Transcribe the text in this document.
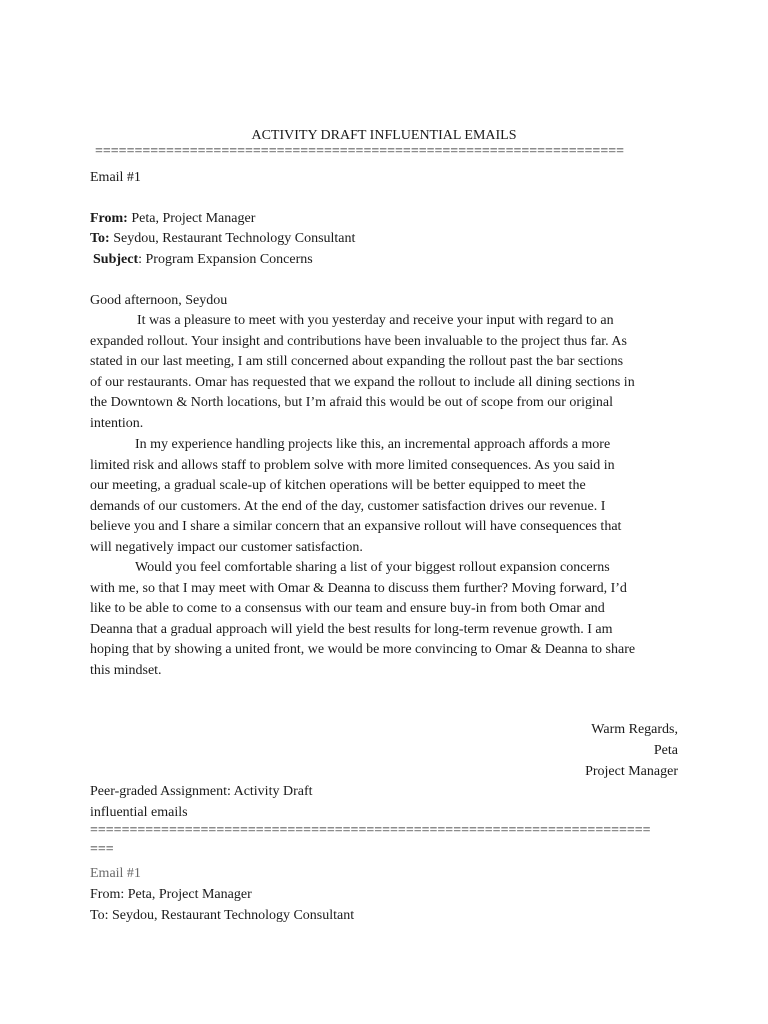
ACTIVITY DRAFT INFLUENTIAL EMAILS
===================================================================
Email #1
From: Peta, Project Manager
To: Seydou, Restaurant Technology Consultant
Subject: Program Expansion Concerns
Good afternoon, Seydou
It was a pleasure to meet with you yesterday and receive your input with regard to an
expanded rollout. Your insight and contributions have been invaluable to the project thus far. As
stated in our last meeting, I am still concerned about expanding the rollout past the bar sections
of our restaurants. Omar has requested that we expand the rollout to include all dining sections in
the Downtown & North locations, but I’m afraid this would be out of scope from our original
intention.
In my experience handling projects like this, an incremental approach affords a more
limited risk and allows staff to problem solve with more limited consequences. As you said in
our meeting, a gradual scale-up of kitchen operations will be better equipped to meet the
demands of our customers. At the end of the day, customer satisfaction drives our revenue. I
believe you and I share a similar concern that an expansive rollout will have consequences that
will negatively impact our customer satisfaction.
Would you feel comfortable sharing a list of your biggest rollout expansion concerns
with me, so that I may meet with Omar & Deanna to discuss them further? Moving forward, I’d
like to be able to come to a consensus with our team and ensure buy-in from both Omar and
Deanna that a gradual approach will yield the best results for long-term revenue growth. I am
hoping that by showing a united front, we would be more convincing to Omar & Deanna to share
this mindset.
Warm Regards,
Peta
Project Manager
Peer-graded Assignment: Activity Draft
influential emails
=======================================================================
===
Email #1
From: Peta, Project Manager
To: Seydou, Restaurant Technology Consultant
